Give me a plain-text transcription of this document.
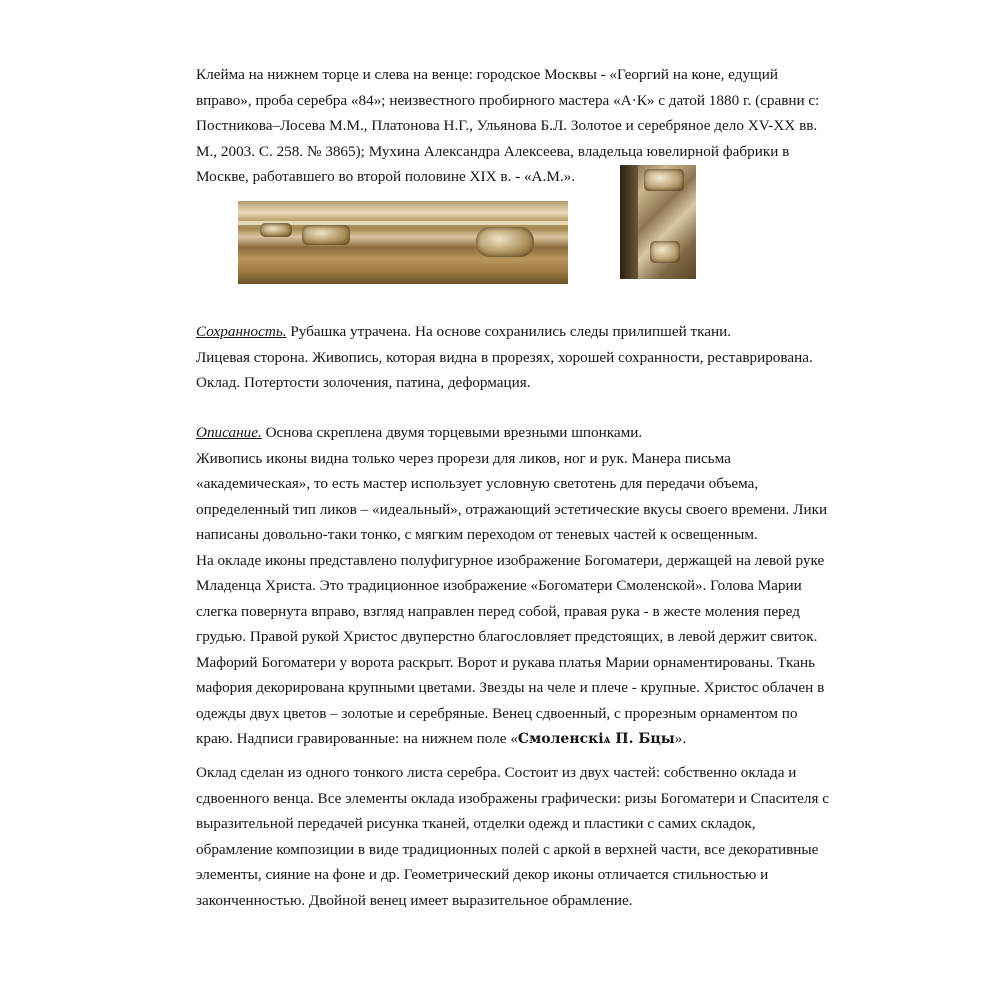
Клейма на нижнем торце и слева на венце: городское Москвы - «Георгий на коне, едущий

вправо», проба серебра «84»; неизвестного пробирного мастера «А·К» с датой 1880 г. (сравни с:

Постникова–Лосева М.М., Платонова Н.Г., Ульянова Б.Л. Золотое и серебряное дело XV-XX вв.

М., 2003. С. 258. № 3865); Мухина Александра Алексеева, владельца ювелирной фабрики в

Москве, работавшего во второй половине XIX в. - «А.М.».

Сохранность. Рубашка утрачена. На основе сохранились следы прилипшей ткани.

Лицевая сторона. Живопись, которая видна в прорезях, хорошей сохранности, реставрирована.

Оклад. Потертости золочения, патина, деформация.

Описание. Основа скреплена двумя торцевыми врезными шпонками.

Живопись иконы видна только через прорези для ликов, ног и рук. Манера письма

«академическая», то есть мастер использует условную светотень для передачи объема,

определенный тип ликов – «идеальный», отражающий эстетические вкусы своего времени. Лики

написаны довольно-таки тонко, с мягким переходом от теневых частей к освещенным.

На окладе иконы представлено полуфигурное изображение Богоматери, держащей на левой руке

Младенца Христа. Это традиционное изображение «Богоматери Смоленской». Голова Марии

слегка повернута вправо, взгляд направлен перед собой, правая рука - в жесте моления перед

грудью. Правой рукой Христос двуперстно благословляет предстоящих, в левой держит свиток.

Мафорий Богоматери у ворота раскрыт. Ворот и рукава платья Марии орнаментированы. Ткань

мафория декорирована крупными цветами. Звезды на челе и плече - крупные. Христос облачен в

одежды двух цветов – золотые и серебряные. Венец сдвоенный, с прорезным орнаментом по

краю. Надписи гравированные: на нижнем поле «Смоленскіѧ П. Бцы».

Оклад сделан из одного тонкого листа серебра. Состоит из двух частей: собственно оклада и

сдвоенного венца. Все элементы оклада изображены графически: ризы Богоматери и Спасителя с

выразительной передачей рисунка тканей, отделки одежд и пластики с самих складок,

обрамление композиции в виде традиционных полей с аркой в верхней части, все декоративные

элементы, сияние на фоне и др. Геометрический декор иконы отличается стильностью и

законченностью. Двойной венец имеет выразительное обрамление.
